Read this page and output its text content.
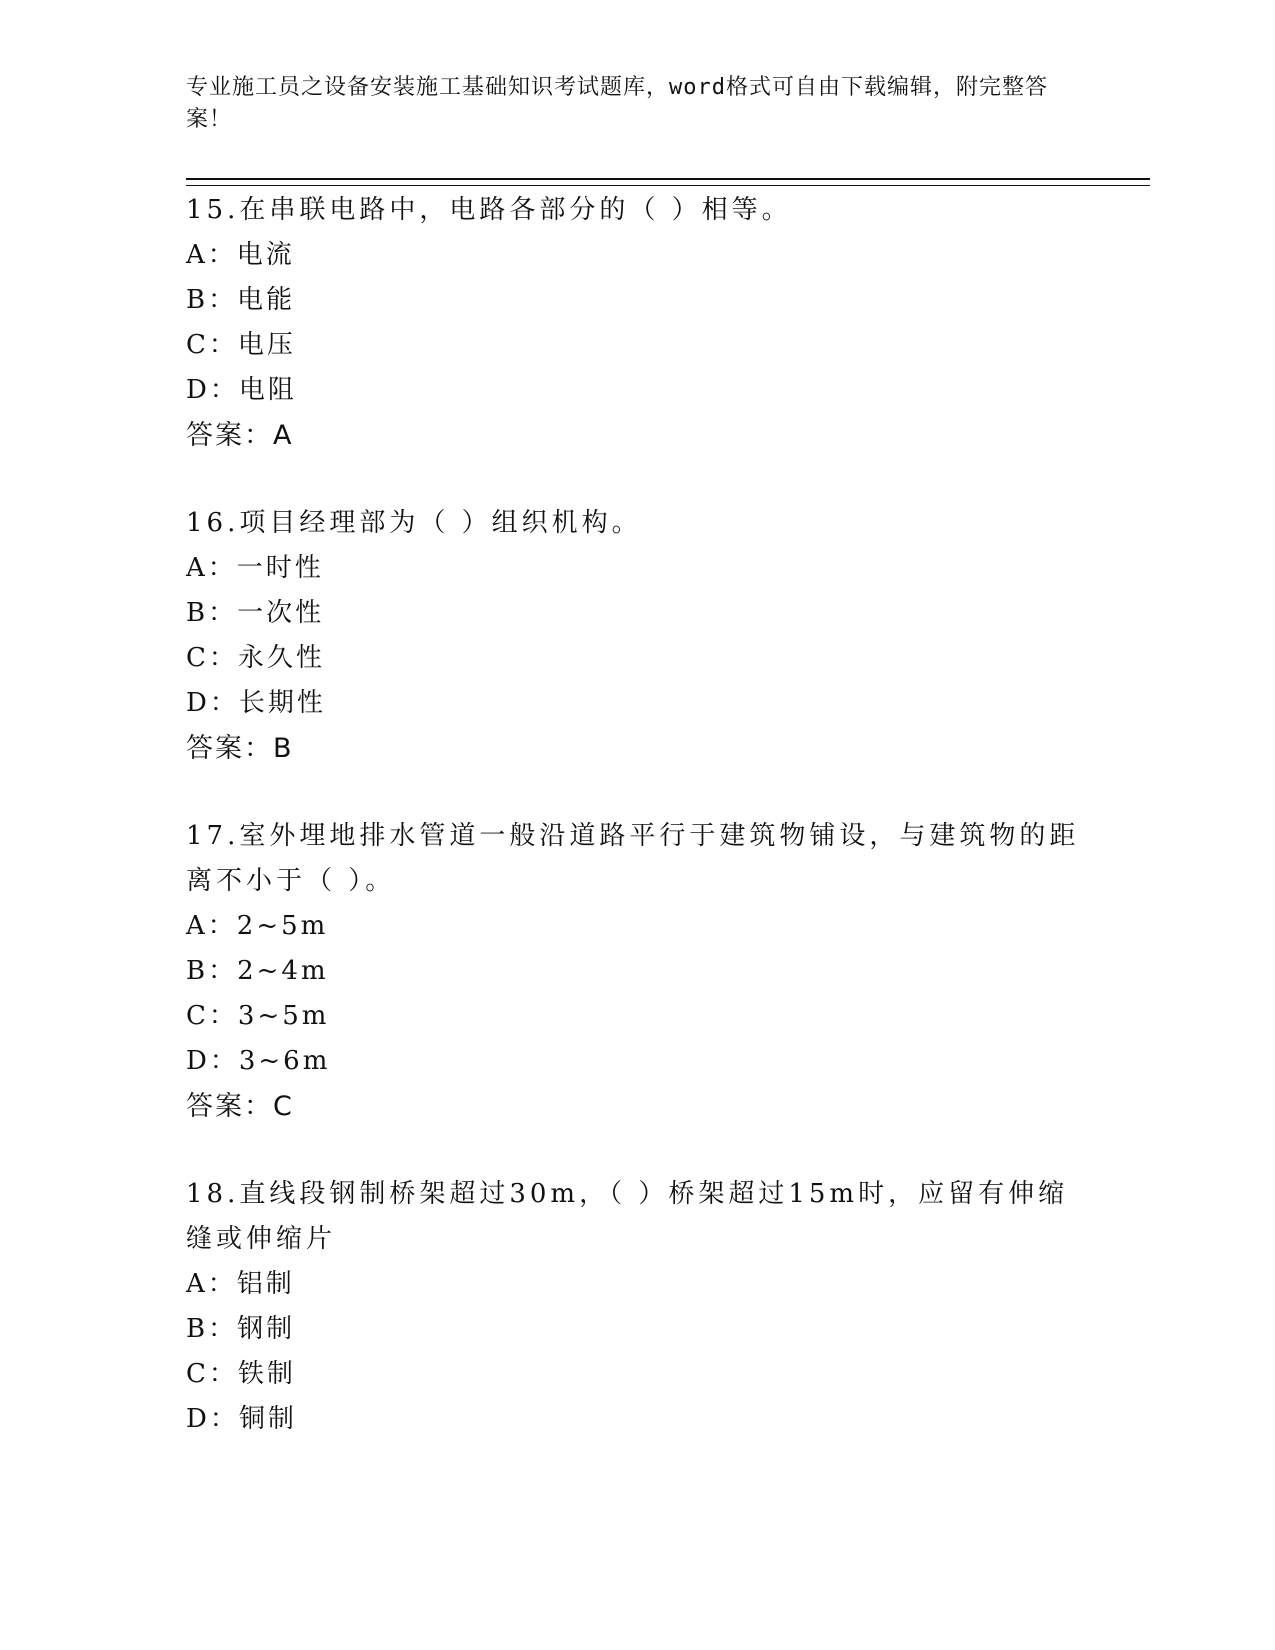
专业施工员之设备安装施工基础知识考试题库，word格式可自由下载编辑，附完整答案！
15.在串联电路中，电路各部分的（ ）相等。
A：电流
B：电能
C：电压
D：电阻
答案：A
16.项目经理部为（ ）组织机构。
A：一时性
B：一次性
C：永久性
D：长期性
答案：B
17.室外埋地排水管道一般沿道路平行于建筑物铺设，与建筑物的距离不小于（ ）。
A：2~5m
B：2~4m
C：3~5m
D：3~6m
答案：C
18.直线段钢制桥架超过30m，（ ）桥架超过15m时，应留有伸缩缝或伸缩片
A：铝制
B：钢制
C：铁制
D：铜制
